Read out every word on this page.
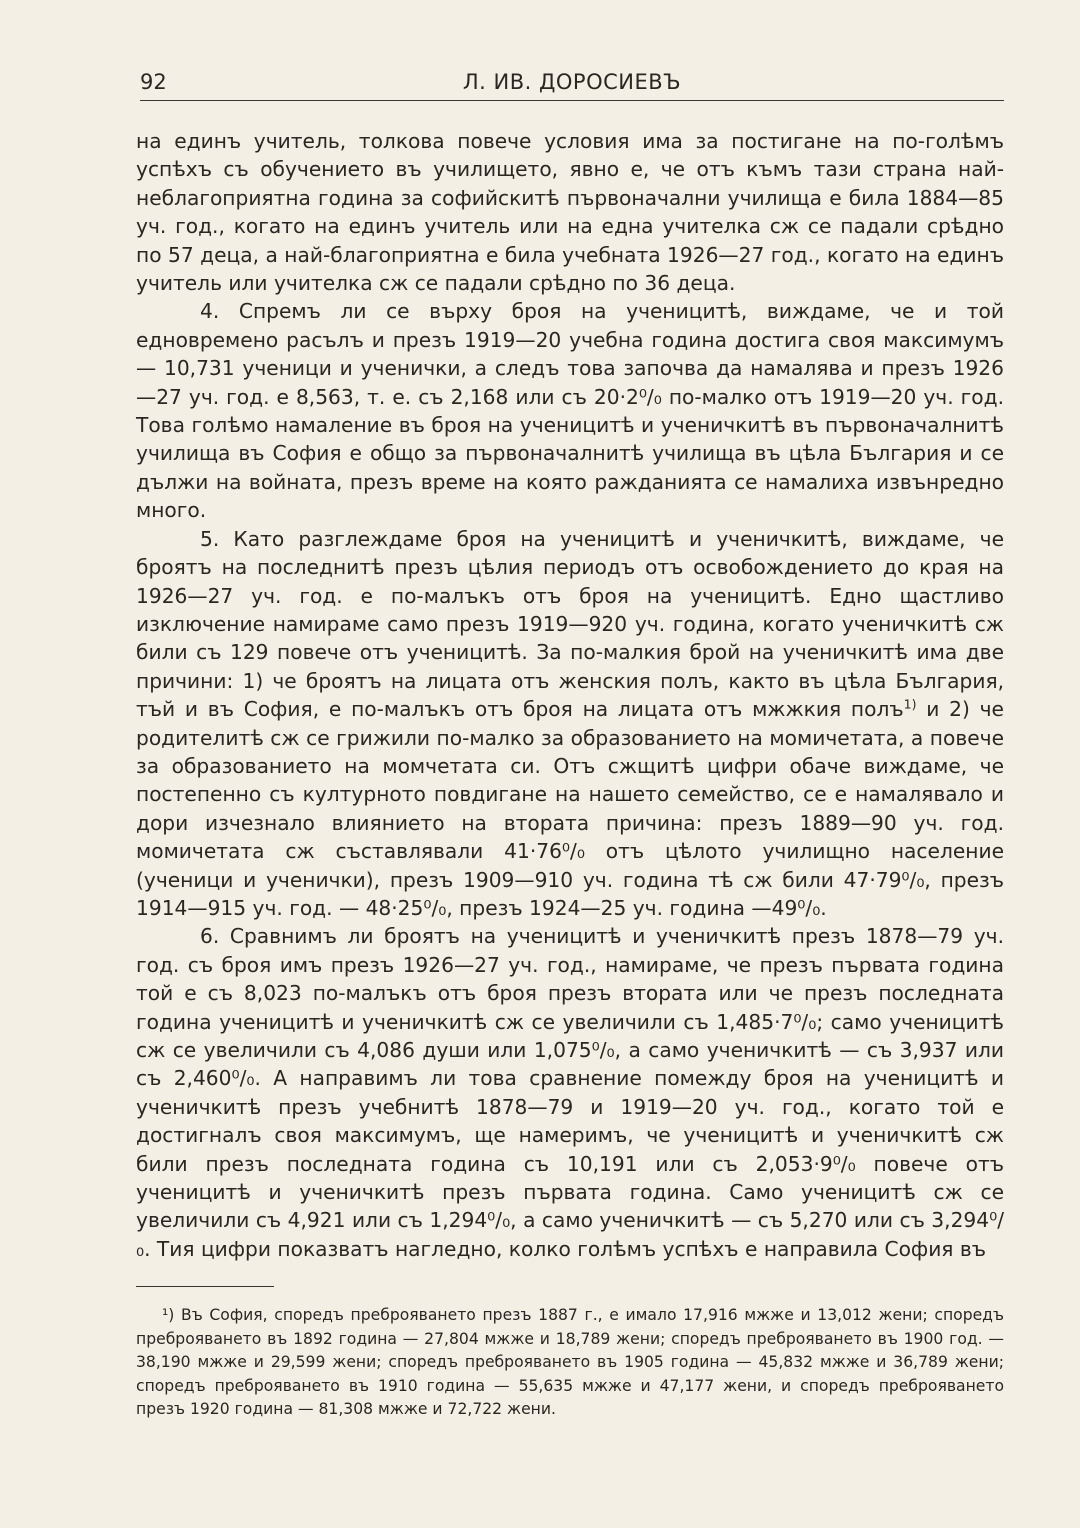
92	Л. ИВ. ДОРОСИЕВЪ

на единъ учитель, толкова повече условия има за постигане на по-голѣмъ успѣхъ съ обучението въ училището, явно е, че отъ къмъ тази страна най-неблагоприятна година за софийскитѣ първоначални училища е била 1884—85 уч. год., когато на единъ учитель или на една учителка сж се падали срѣдно по 57 деца, а най-благоприятна е била учебната 1926—27 год., когато на единъ учитель или учителка сж се падали срѣдно по 36 деца.

4. Спремъ ли се върху броя на ученицитѣ, виждаме, че и той едновремено расълъ и презъ 1919—20 учебна година достига своя максимумъ — 10,731 ученици и ученички, а следъ това започва да намалява и презъ 1926—27 уч. год. е 8,563, т. е. съ 2,168 или съ 20·2⁰/₀ по-малко отъ 1919—20 уч. год. Това голѣмо намаление въ броя на ученицитѣ и ученичкитѣ въ първоначалнитѣ училища въ София е общо за първоначалнитѣ училища въ цѣла България и се дължи на войната, презъ време на която ражданията се намалиха извънредно много.

5. Като разглеждаме броя на ученицитѣ и ученичкитѣ, виждаме, че броятъ на последнитѣ презъ цѣлия периодъ отъ освобождението до края на 1926—27 уч. год. е по-малъкъ отъ броя на ученицитѣ. Едно щастливо изключение намираме само презъ 1919—920 уч. година, когато ученичкитѣ сж били съ 129 повече отъ ученицитѣ. За по-малкия брой на ученичкитѣ има две причини: 1) че броятъ на лицата отъ женския полъ, както въ цѣла България, тъй и въ София, е по-малъкъ отъ броя на лицата отъ мжжкия полъ$^{1)}$ и 2) че родителитѣ сж се грижили по-малко за образованието на момичетата, а повече за образованието на момчетата си. Отъ сжщитѣ цифри обаче виждаме, че постепенно съ културното повдигане на нашето семейство, се е намалявало и дори изчезнало влиянието на втората причина: презъ 1889—90 уч. год. момичетата сж съставлявали 41·76⁰/₀ отъ цѣлото училищно население (ученици и ученички), презъ 1909—910 уч. година тѣ сж били 47·79⁰/₀, презъ 1914—915 уч. год. — 48·25⁰/₀, презъ 1924—25 уч. година —49⁰/₀.

6. Сравнимъ ли броятъ на ученицитѣ и ученичкитѣ презъ 1878—79 уч. год. съ броя имъ презъ 1926—27 уч. год., намираме, че презъ първата година той е съ 8,023 по-малъкъ отъ броя презъ втората или че презъ последната година ученицитѣ и ученичкитѣ сж се увеличили съ 1,485·7⁰/₀; само ученицитѣ сж се увеличили съ 4,086 души или 1,075⁰/₀, а само ученичкитѣ — съ 3,937 или съ 2,460⁰/₀. А направимъ ли това сравнение помежду броя на ученицитѣ и ученичкитѣ презъ учебнитѣ 1878—79 и 1919—20 уч. год., когато той е достигналъ своя максимумъ, ще намеримъ, че ученицитѣ и ученичкитѣ сж били презъ последната година съ 10,191 или съ 2,053·9⁰/₀ повече отъ ученицитѣ и ученичкитѣ презъ първата година. Само ученицитѣ сж се увеличили съ 4,921 или съ 1,294⁰/₀, а само ученичкитѣ — съ 5,270 или съ 3,294⁰/₀. Тия цифри показватъ нагледно, колко голѣмъ успѣхъ е направила София въ

¹) Въ София, споредъ преброяването презъ 1887 г., е имало 17,916 мжже и 13,012 жени; споредъ преброяването въ 1892 година — 27,804 мжже и 18,789 жени; споредъ преброяването въ 1900 год. — 38,190 мжже и 29,599 жени; споредъ преброяването въ 1905 година — 45,832 мжже и 36,789 жени; споредъ преброяването въ 1910 година — 55,635 мжже и 47,177 жени, и споредъ преброяването презъ 1920 година — 81,308 мжже и 72,722 жени.
